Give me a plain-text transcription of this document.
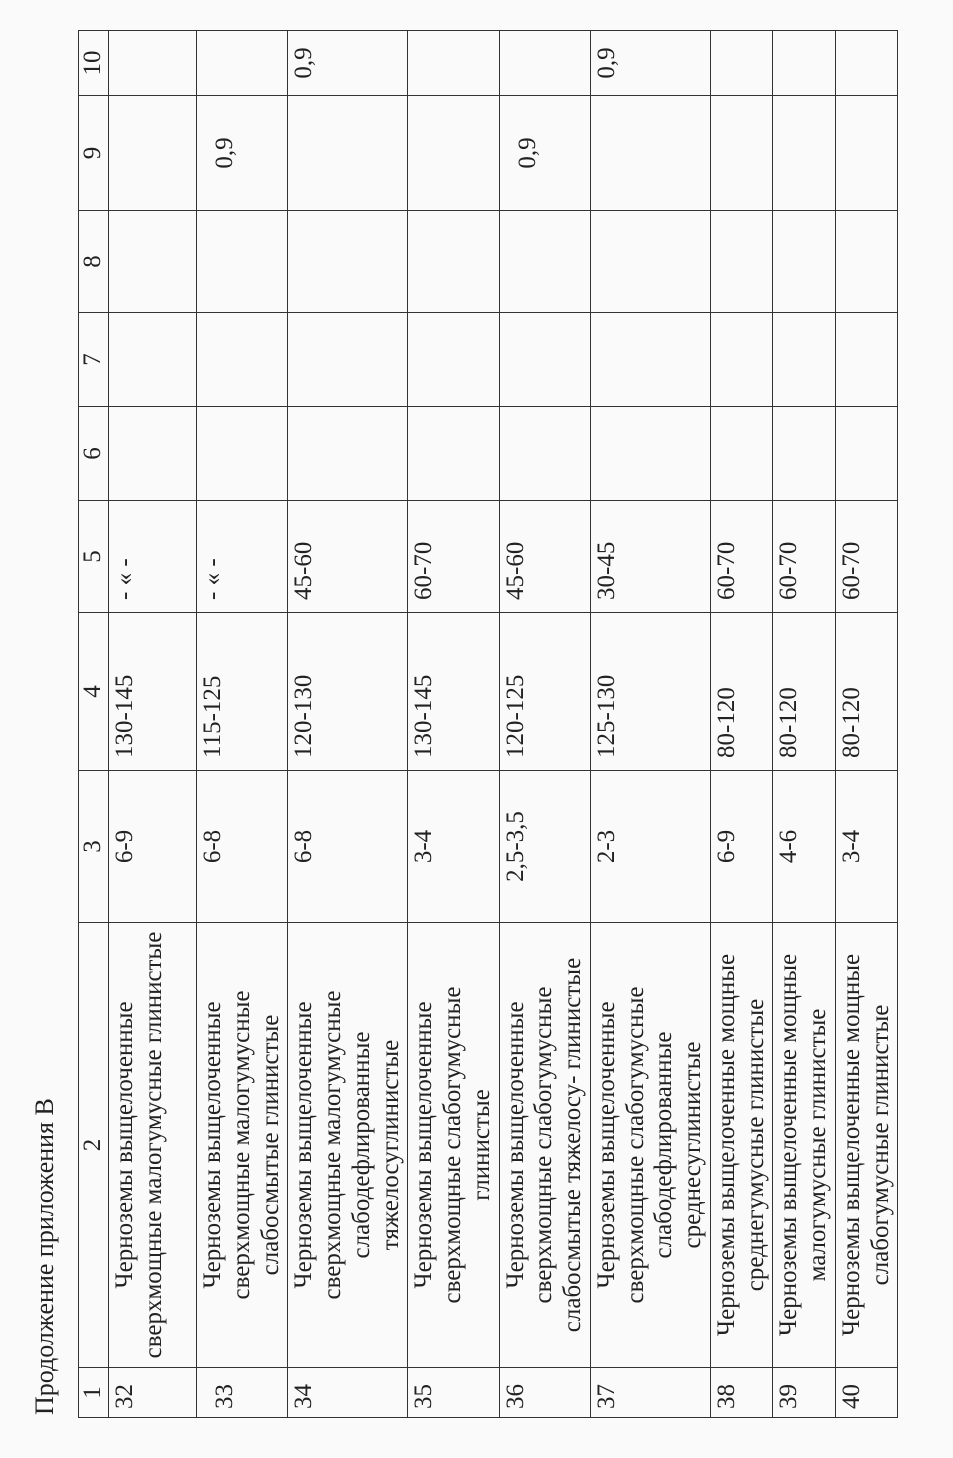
Продолжение приложения В 1	2	3	4	5	6	7	8	9	10
32	Черноземы выщелоченные сверхмощные малогумусные глинистые	6-9	130-145	- « -					
33	Черноземы выщелоченные сверхмощные малогумусные слабосмытые глинистые	6-8	115-125	- « -				0,9	
34	Черноземы выщелоченные сверхмощные малогумусные слабодефлированные тяжелосуглинистые	6-8	120-130	45-60					0,9
35	Черноземы выщелоченные сверхмощные слабогумусные глинистые	3-4	130-145	60-70					
36	Черноземы выщелоченные сверхмощные слабогумусные слабосмытые тяжелосу- глинистые	2,5-3,5	120-125	45-60				0,9	
37	Черноземы выщелоченные сверхмощные слабогумусные слабодефлированные среднесуглинистые	2-3	125-130	30-45					0,9
38	Черноземы выщелоченные мощные среднегумусные глинистые	6-9	80-120	60-70					
39	Черноземы выщелоченные мощные малогумусные глинистые	4-6	80-120	60-70					
40	Черноземы выщелоченные мощные слабогумусные глинистые	3-4	80-120	60-70					
